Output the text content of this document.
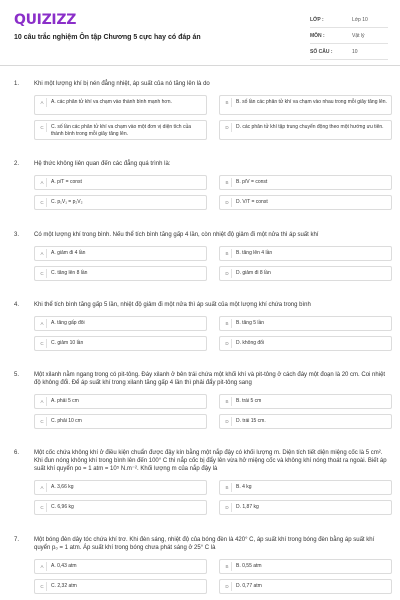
QUIZIZZ
10 câu trắc nghiệm Ôn tập Chương 5 cực hay có đáp án
LỚP :	Lớp 10
MÔN :	Vật lý
SỐ CÂU :	10
1.	Khi một lượng khí bị nén đẳng nhiệt, áp suất của nó tăng lên là do
A	A. các phân tử khí va chạm vào thành bình mạnh hơn.	B	B. số lần các phân tử khí va chạm vào nhau trong mỗi giây tăng lên.
C	C. số lần các phân tử khí va chạm vào một đơn vị diện tích của thành bình trong mỗi giây tăng lên.
D	D. các phân tử khí tập trung chuyển động theo một hướng ưu tiên.
2.	Hệ thức không liên quan đến các đẳng quá trình là:
A	A. p/T = const	B	B. p/V = const
C	C. p₁V₁ = p₂V₂	D	D. V/T = const
3.	Có một lượng khí trong bình. Nếu thể tích bình tăng gấp 4 lần, còn nhiệt độ giảm đi một nửa thì áp suất khí
A	A. giảm đi 4 lần	B	B. tăng lên 4 lần
C	C. tăng lên 8 lần	D	D. giảm đi 8 lần
4.	Khi thể tích bình tăng gấp 5 lần, nhiệt độ giảm đi một nửa thì áp suất của một lượng khí chứa trong bình
A	A. tăng gấp đôi	B	B. tăng 5 lần
C	C. giảm 10 lần	D	D. không đổi
5.	Một xilanh nằm ngang trong có pit-tông. Đáy xilanh ở bên trái chứa một khối khí và pit-tông ở cách đáy một đoạn là 20 cm. Coi nhiệt độ không đổi. Để áp suất khí trong xilanh tăng gấp 4 lần thì phải đẩy pit-tông sang
A	A. phải 5 cm	B	B. trái 5 cm
C	C. phải 10 cm	D	D. trái 15 cm.
6.	Một cốc chứa không khí ở điều kiện chuẩn được đậy kín bằng một nắp đậy có khối lượng m. Diện tích tiết diện miệng cốc là 5 cm². Khi đun nóng không khí trong bình lên đến 100° C thì nắp cốc bị đẩy lên vừa hở miệng cốc và không khí nóng thoát ra ngoài. Biết áp suất khí quyển po = 1 atm = 10⁵ N.m⁻². Khối lượng m của nắp đậy là
A	A. 3,66 kg	B	B. 4 kg
C	C. 6,96 kg	D	D. 1,87 kg
7.	Một bóng đèn dây tóc chứa khí trơ. Khi đèn sáng, nhiệt độ của bóng đèn là 420° C, áp suất khí trong bóng đèn bằng áp suất khí quyển p₀ = 1 atm. Áp suất khí trong bóng chưa phát sáng ở 25° C là
A	A. 0,43 atm	B	B. 0,55 atm
C	C. 2,32 atm	D	D. 0,77 atm
